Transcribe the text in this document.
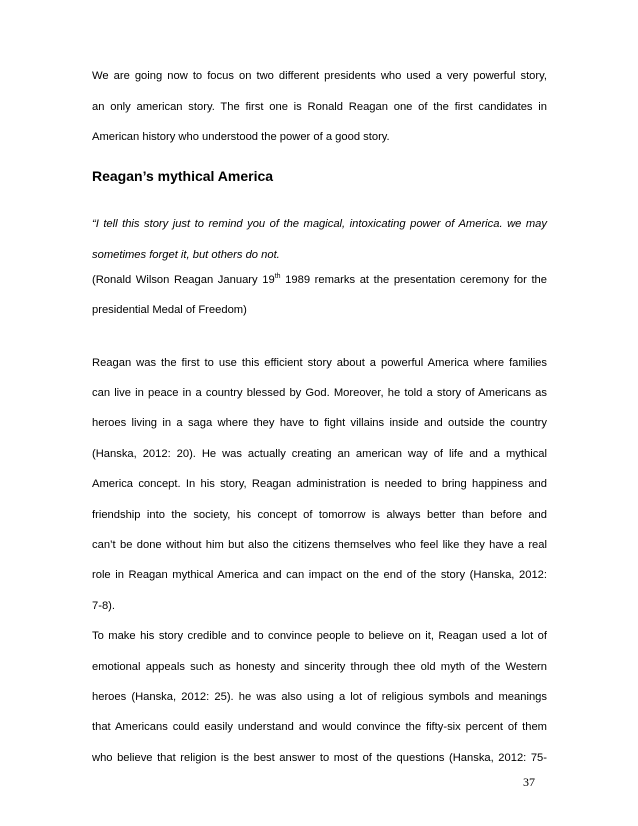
We are going now to focus on two different presidents who used a very powerful story,
an only american story. The first one is Ronald Reagan one of the first candidates in
American history who understood the power of a good story.
Reagan’s mythical America
“I tell this story just to remind you of the magical, intoxicating power of America. we may
sometimes forget it, but others do not.
(Ronald Wilson Reagan January 19th 1989 remarks at the presentation ceremony for the
presidential Medal of Freedom)
Reagan was the first to use this efficient story about a powerful America where families
can live in peace in a country blessed by God. Moreover, he told a story of Americans as
heroes living in a saga where they have to fight villains inside and outside the country
(Hanska, 2012: 20). He was actually creating an american way of life and a mythical
America concept. In his story, Reagan administration is needed to bring happiness and
friendship into the society, his concept of tomorrow is always better than before and
can’t be done without him but also the citizens themselves who feel like they have a real
role in Reagan mythical America and can impact on the end of the story (Hanska, 2012:
7-8).
To make his story credible and to convince people to believe on it, Reagan used a lot of
emotional appeals such as honesty and sincerity through thee old myth of the Western
heroes (Hanska, 2012: 25). he was also using a lot of religious symbols and meanings
that Americans could easily understand and would convince the fifty-six percent of them
who believe that religion is the best answer to most of the questions (Hanska, 2012: 75-
37
